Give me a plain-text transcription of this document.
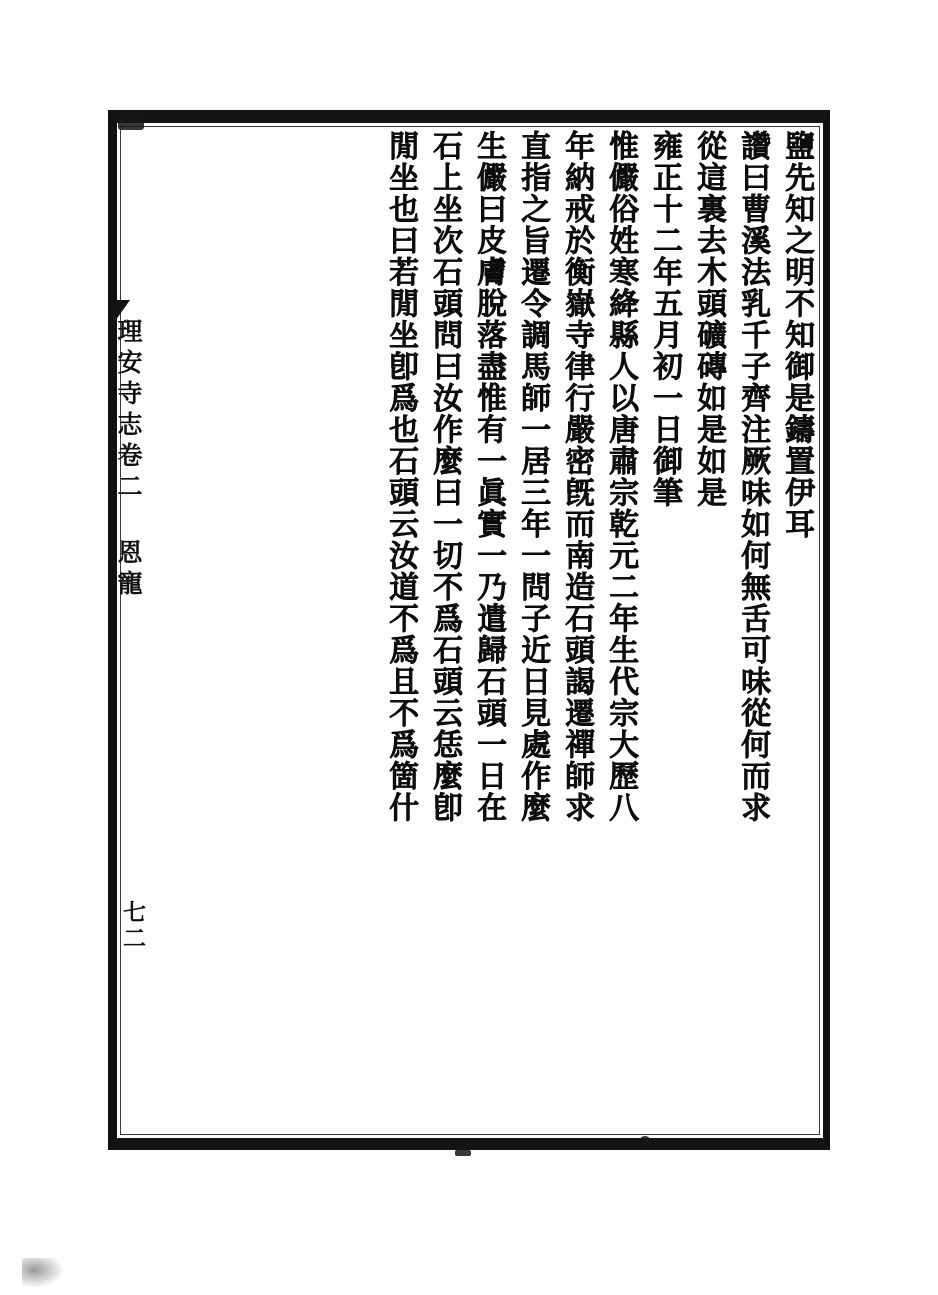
理安寺志卷二 恩寵
七二
鹽先知之明不知御是鑄置伊耳
讚曰曹溪法乳千子齊注厥味如何無舌可味從何而求
從這裏去木頭礦磚如是如是
雍正十二年五月初一日御筆
惟儼俗姓寒絳縣人以唐肅宗乾元二年生代宗大歷八
年納戒於衡嶽寺律行嚴密旣而南造石頭謁遷禪師求
直指之旨遷令調馬師一居三年一問子近日見處作麼
生儼曰皮膚脫落盡惟有一眞實一乃遣歸石頭一日在
石上坐次石頭問曰汝作麼曰一切不爲石頭云恁麼卽
閒坐也曰若閒坐卽爲也石頭云汝道不爲且不爲箇什
